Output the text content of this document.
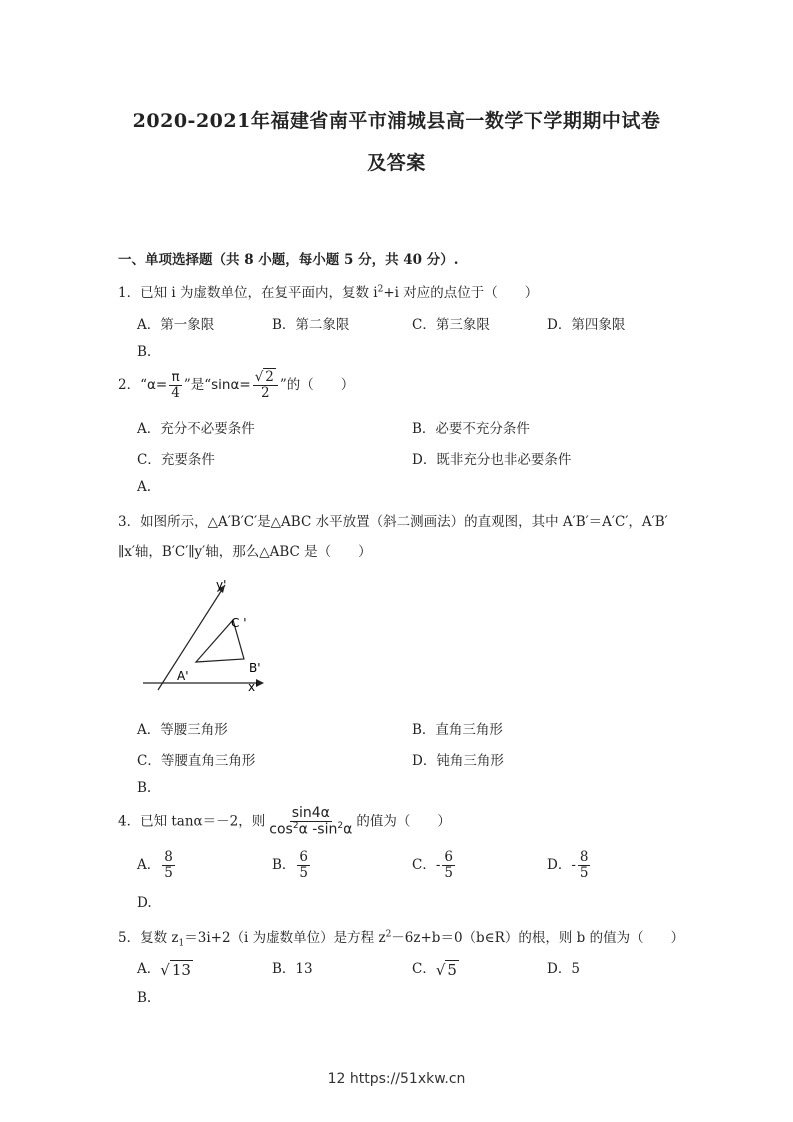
2020-2021年福建省南平市浦城县高一数学下学期期中试卷
及答案
一、单项选择题（共 8 小题，每小题 5 分，共 40 分）.
1．已知 i 为虚数单位，在复平面内，复数 $i^2+i$ 对应的点位于（　　）
A．第一象限	B．第二象限	C．第三象限	D．第四象限
B.
2．“$\alpha= \frac{\pi}{4}$ ”是“$\sin\alpha= \frac{√ 2}{2}$ ”的（　　）
A．充分不必要条件	B．必要不充分条件
C．充要条件	D．既非充分也非必要条件
A.
3．如图所示，△A′B′C′是△ABC 水平放置（斜二测画法）的直观图，其中 A′B′＝A′C′，A′B′
∥x′轴，B′C′∥y′轴，那么△ABC 是（　　）
y'
x'
A'
B'
C '
A．等腰三角形	B．直角三角形
C．等腰直角三角形	D．钝角三角形
B.
4．已知 tanα＝－2，则 $\frac{\sin 4\alpha}{\cos^2\alpha -\sin^2\alpha}$ 的值为（　　）
A． $\frac{8}{5}$	B． $\frac{6}{5}$	C．- $\frac{6}{5}$	D．- $\frac{8}{5}$
D.
5．复数 $z_1=3i+2(i$ 为虚数单位）是方程 $z^2-6z+b=0(b\in R)$的根，则 b 的值为（　　）
A．√ 13	B．13	C．√ 5	D．5
B.
12 https://51xkw.cn
